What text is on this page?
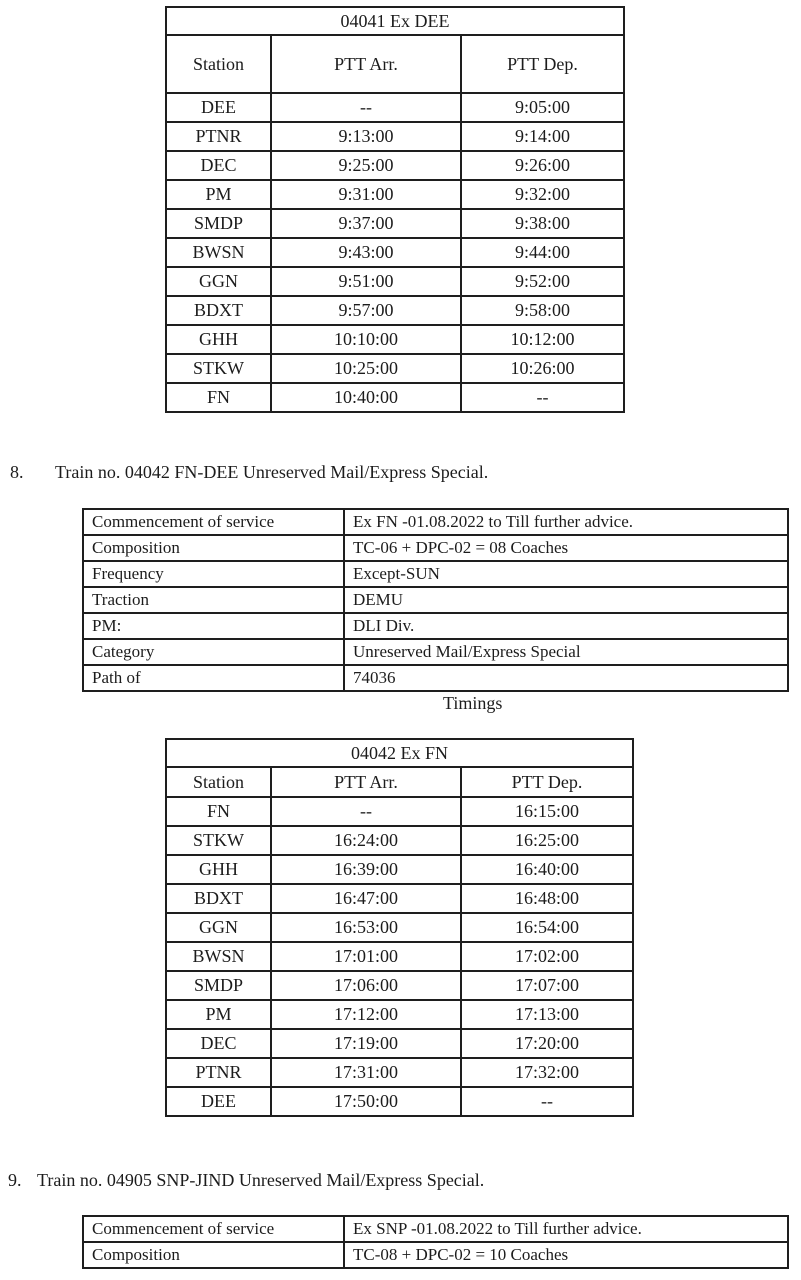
04041 Ex DEE		
Station	PTT Arr.	PTT Dep.
DEE	--	9:05:00
PTNR	9:13:00	9:14:00
DEC	9:25:00	9:26:00
PM	9:31:00	9:32:00
SMDP	9:37:00	9:38:00
BWSN	9:43:00	9:44:00
GGN	9:51:00	9:52:00
BDXT	9:57:00	9:58:00
GHH	10:10:00	10:12:00
STKW	10:25:00	10:26:00
FN	10:40:00	--
8. Train no. 04042 FN-DEE Unreserved Mail/Express Special.
Commencement of service	Ex FN -01.08.2022 to Till further advice.
Composition	TC-06 + DPC-02 = 08 Coaches
Frequency	Except-SUN
Traction	DEMU
PM:	DLI Div.
Category	Unreserved Mail/Express Special
Path of	74036
Timings
04042 Ex FN		
Station	PTT Arr.	PTT Dep.
FN	--	16:15:00
STKW	16:24:00	16:25:00
GHH	16:39:00	16:40:00
BDXT	16:47:00	16:48:00
GGN	16:53:00	16:54:00
BWSN	17:01:00	17:02:00
SMDP	17:06:00	17:07:00
PM	17:12:00	17:13:00
DEC	17:19:00	17:20:00
PTNR	17:31:00	17:32:00
DEE	17:50:00	--
9. Train no. 04905 SNP-JIND Unreserved Mail/Express Special.
Commencement of service	Ex SNP -01.08.2022 to Till further advice.
Composition	TC-08 + DPC-02 = 10 Coaches
